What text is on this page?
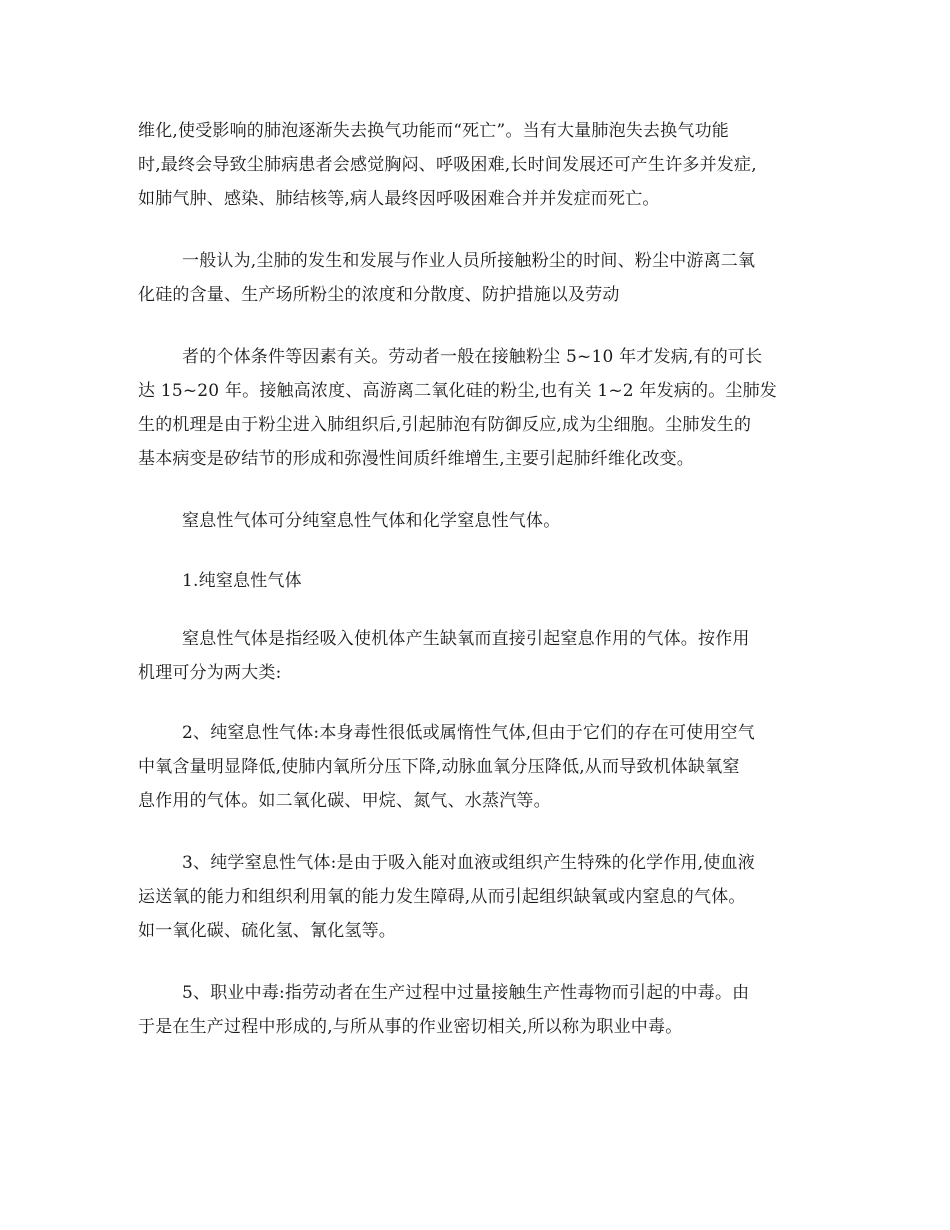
维化,使受影响的肺泡逐渐失去换气功能而“死亡”。当有大量肺泡失去换气功能
时,最终会导致尘肺病患者会感觉胸闷、呼吸困难,长时间发展还可产生许多并发症,
如肺气肿、感染、肺结核等,病人最终因呼吸困难合并并发症而死亡。

一般认为,尘肺的发生和发展与作业人员所接触粉尘的时间、粉尘中游离二氧
化硅的含量、生产场所粉尘的浓度和分散度、防护措施以及劳动

者的个体条件等因素有关。劳动者一般在接触粉尘 5~10 年才发病,有的可长
达 15~20 年。接触高浓度、高游离二氧化硅的粉尘,也有关 1~2 年发病的。尘肺发
生的机理是由于粉尘进入肺组织后,引起肺泡有防御反应,成为尘细胞。尘肺发生的
基本病变是矽结节的形成和弥漫性间质纤维增生,主要引起肺纤维化改变。

窒息性气体可分纯窒息性气体和化学窒息性气体。

1.纯窒息性气体

窒息性气体是指经吸入使机体产生缺氧而直接引起窒息作用的气体。按作用
机理可分为两大类:

2、纯窒息性气体:本身毒性很低或属惰性气体,但由于它们的存在可使用空气
中氧含量明显降低,使肺内氧所分压下降,动脉血氧分压降低,从而导致机体缺氧窒
息作用的气体。如二氧化碳、甲烷、氮气、水蒸汽等。

3、纯学窒息性气体:是由于吸入能对血液或组织产生特殊的化学作用,使血液
运送氧的能力和组织利用氧的能力发生障碍,从而引起组织缺氧或内窒息的气体。
如一氧化碳、硫化氢、氰化氢等。

5、职业中毒:指劳动者在生产过程中过量接触生产性毒物而引起的中毒。由
于是在生产过程中形成的,与所从事的作业密切相关,所以称为职业中毒。
